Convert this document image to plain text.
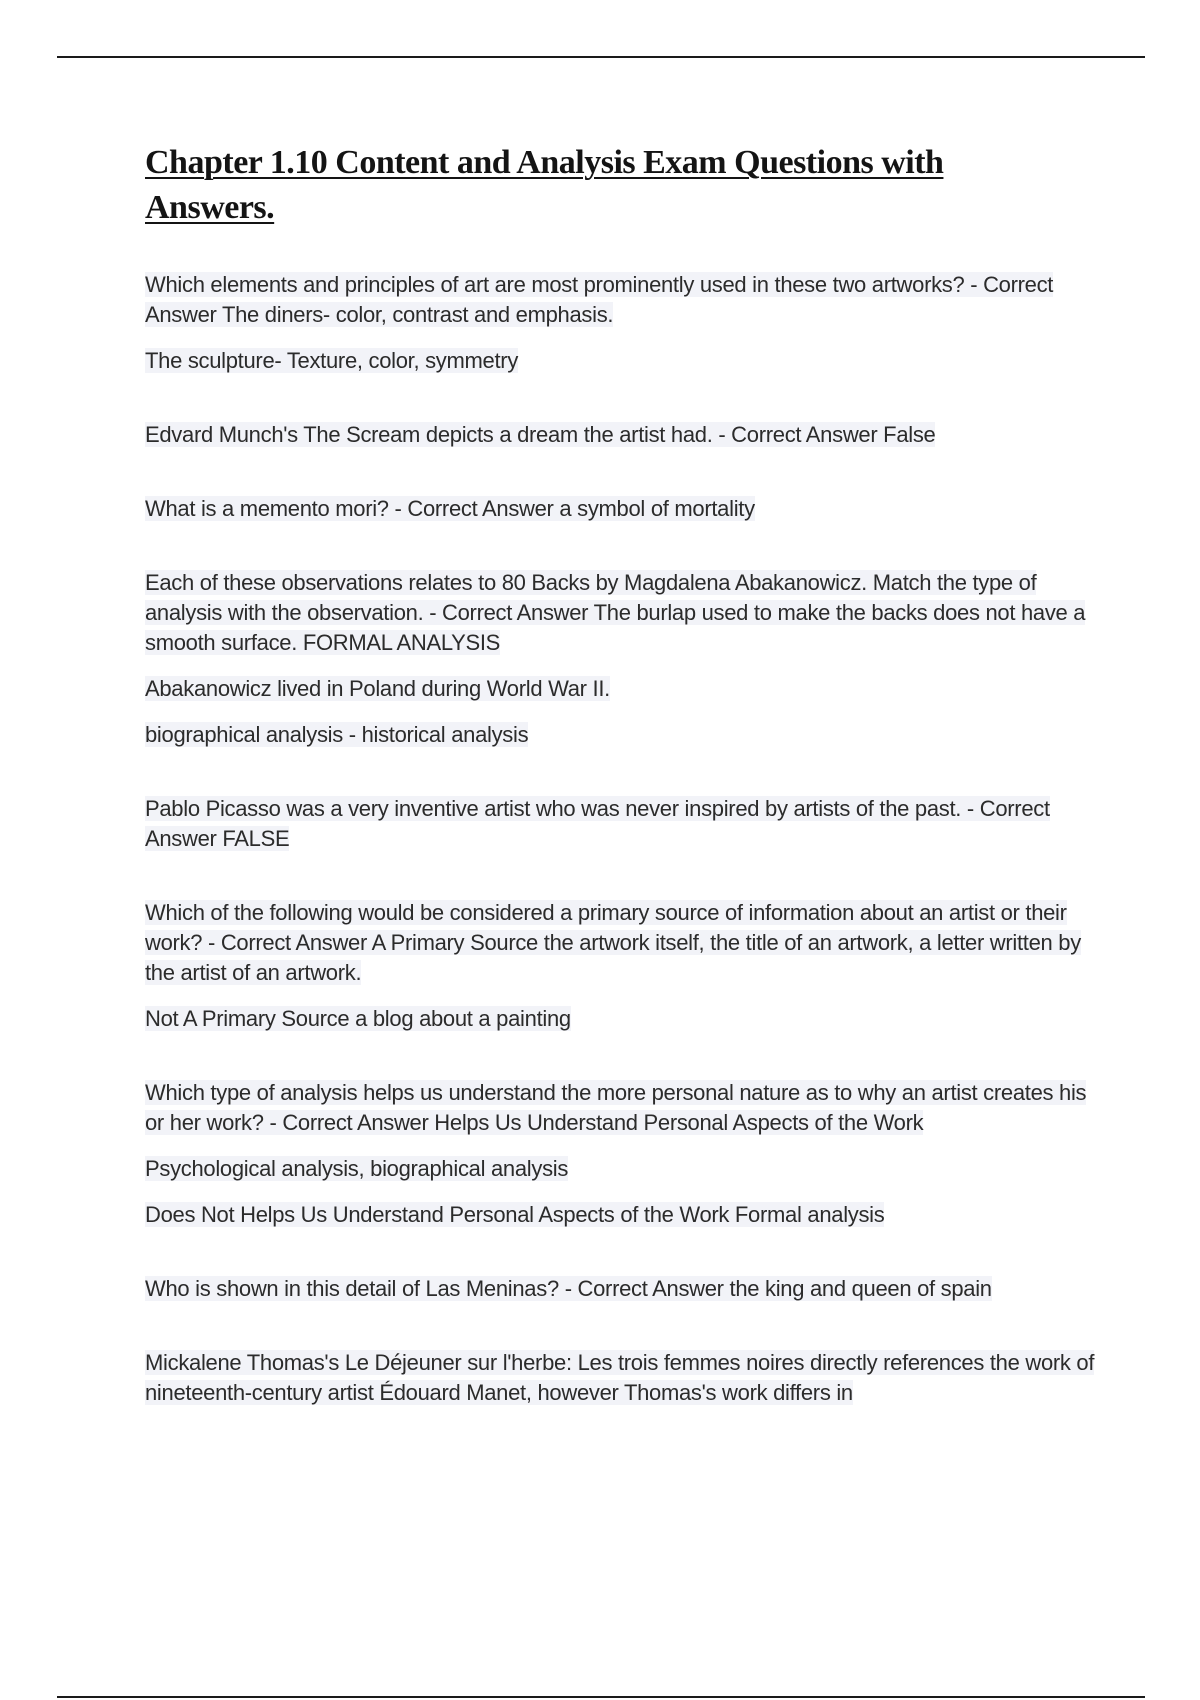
Chapter 1.10 Content and Analysis Exam Questions with Answers.

Which elements and principles of art are most prominently used in these two artworks? - Correct Answer The diners- color, contrast and emphasis.

The sculpture- Texture, color, symmetry

Edvard Munch's The Scream depicts a dream the artist had. - Correct Answer False

What is a memento mori? - Correct Answer a symbol of mortality

Each of these observations relates to 80 Backs by Magdalena Abakanowicz. Match the type of analysis with the observation. - Correct Answer The burlap used to make the backs does not have a smooth surface. FORMAL ANALYSIS

Abakanowicz lived in Poland during World War II.

biographical analysis - historical analysis

Pablo Picasso was a very inventive artist who was never inspired by artists of the past. - Correct Answer FALSE

Which of the following would be considered a primary source of information about an artist or their work? - Correct Answer A Primary Source the artwork itself, the title of an artwork, a letter written by the artist of an artwork.

Not A Primary Source a blog about a painting

Which type of analysis helps us understand the more personal nature as to why an artist creates his or her work? - Correct Answer Helps Us Understand Personal Aspects of the Work

Psychological analysis, biographical analysis

Does Not Helps Us Understand Personal Aspects of the Work Formal analysis

Who is shown in this detail of Las Meninas? - Correct Answer the king and queen of spain

Mickalene Thomas's Le Déjeuner sur l'herbe: Les trois femmes noires directly references the work of nineteenth-century artist Édouard Manet, however Thomas's work differs in
